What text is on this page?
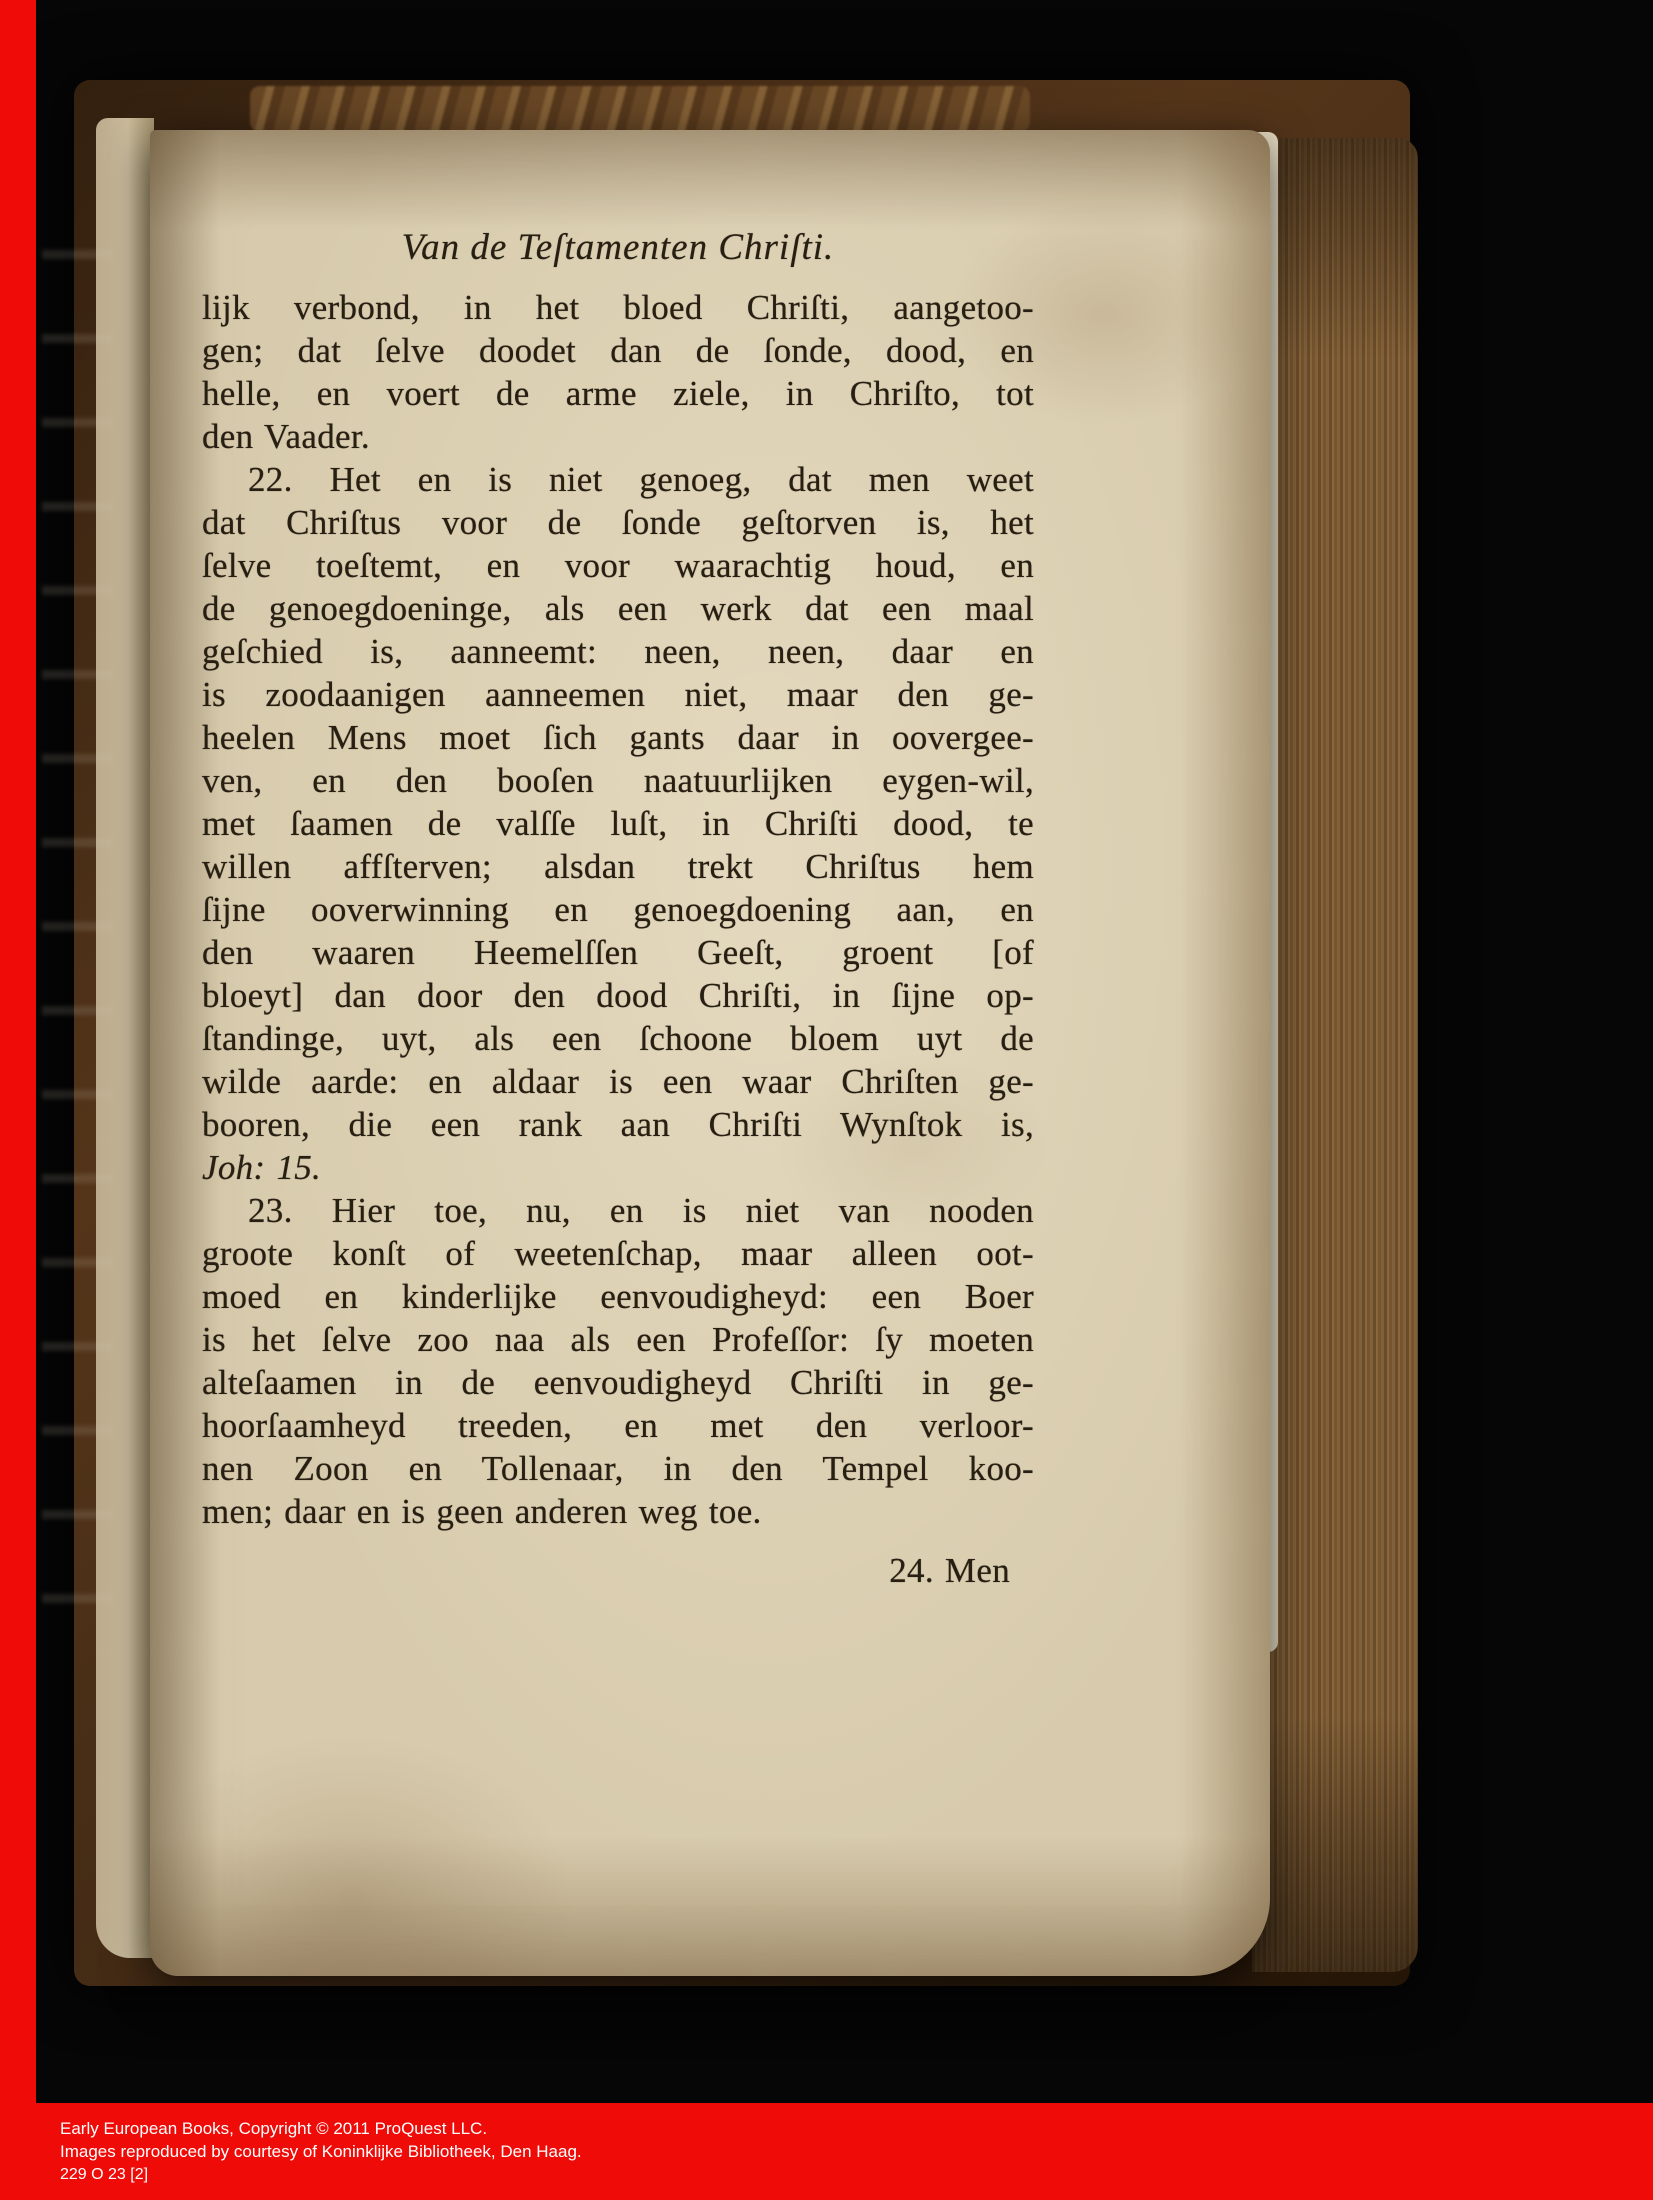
Van de Teſtamenten Chriſti.
lijk verbond, in het bloed Chriſti, aangetoo-
gen; dat ſelve doodet dan de ſonde, dood, en
helle, en voert de arme ziele, in Chriſto, tot
den Vaader.
22. Het en is niet genoeg, dat men weet
dat Chriſtus voor de ſonde geſtorven is, het
ſelve toeſtemt, en voor waarachtig houd, en
de genoegdoeninge, als een werk dat een maal
geſchied is, aanneemt: neen, neen, daar en
is zoodaanigen aanneemen niet, maar den ge-
heelen Mens moet ſich gants daar in oovergee-
ven, en den booſen naatuurlijken eygen-wil,
met ſaamen de valſſe luſt, in Chriſti dood, te
willen affſterven; alsdan trekt Chriſtus hem
ſijne ooverwinning en genoegdoening aan, en
den waaren Heemelſſen Geeſt, groent [of
bloeyt] dan door den dood Chriſti, in ſijne op-
ſtandinge, uyt, als een ſchoone bloem uyt de
wilde aarde: en aldaar is een waar Chriſten ge-
booren, die een rank aan Chriſti Wynſtok is,
Joh: 15.
23. Hier toe, nu, en is niet van nooden
groote konſt of weetenſchap, maar alleen oot-
moed en kinderlijke eenvoudigheyd: een Boer
is het ſelve zoo naa als een Profeſſor: ſy moeten
alteſaamen in de eenvoudigheyd Chriſti in ge-
hoorſaamheyd treeden, en met den verloor-
nen Zoon en Tollenaar, in den Tempel koo-
men; daar en is geen anderen weg toe.
24. Men
Early European Books, Copyright © 2011 ProQuest LLC.
Images reproduced by courtesy of Koninklijke Bibliotheek, Den Haag.
229 O 23 [2]
